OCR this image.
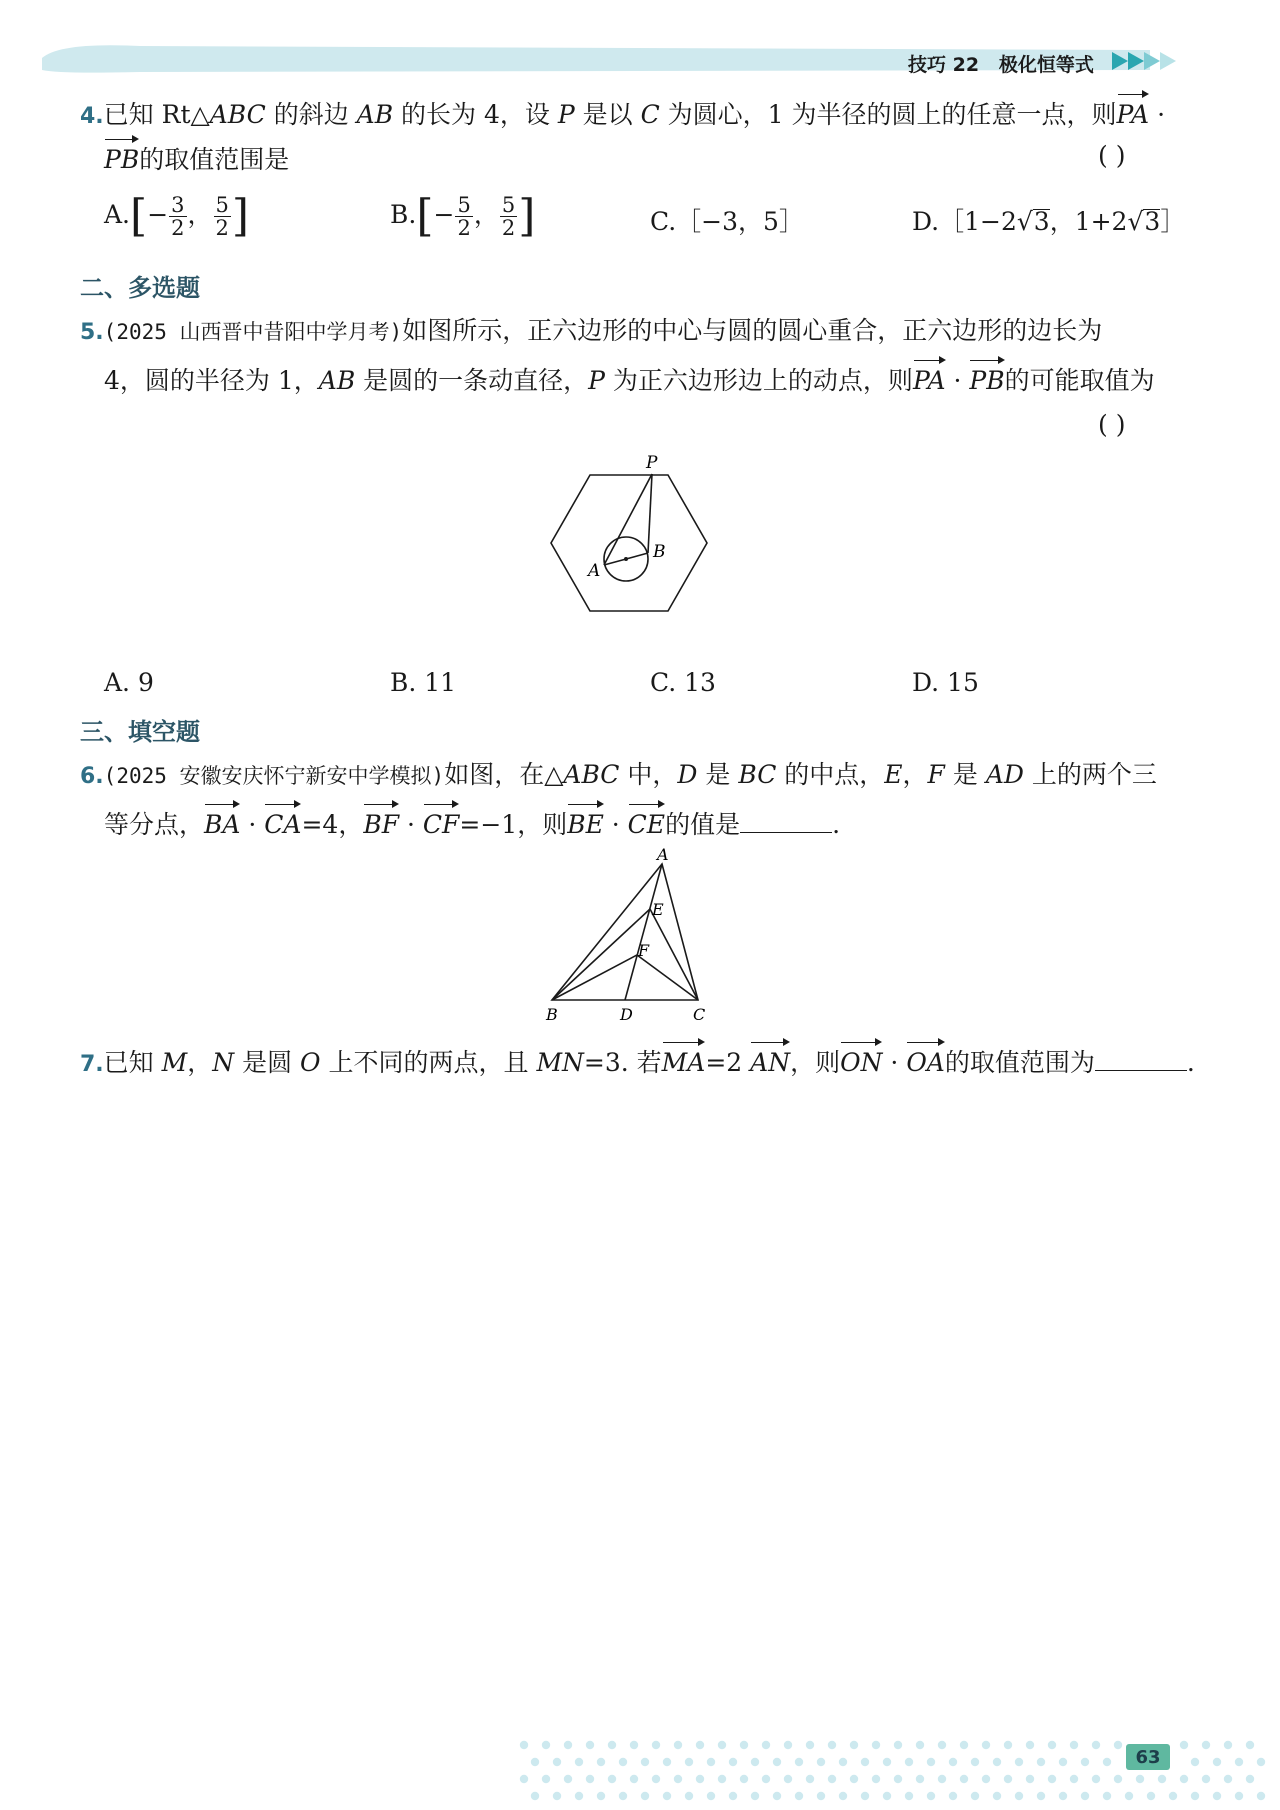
技巧 22 极化恒等式
4.已知 Rt△ABC 的斜边 AB 的长为 4，设 P 是以 C 为圆心，1 为半径的圆上的任意一点，则PA ·
PB的取值范围是	( )
$A.[- \frac{3}{2}$ ， $\frac{5}{2}$ ]	$B.[- \frac{5}{2}$ ， $\frac{5}{2}$ ]	C.［−3，5］	D.［1−2√3，1+2√3］
二、多选题
5.(2025 山西晋中昔阳中学月考)如图所示，正六边形的中心与圆的圆心重合，正六边形的边长为
4，圆的半径为 1，AB 是圆的一条动直径，P 为正六边形边上的动点，则PA · PB的可能取值为
( )
P
A
B
A. 9	B. 11	C. 13	D. 15
三、填空题
6.(2025 安徽安庆怀宁新安中学模拟)如图，在△ABC 中，D 是 BC 的中点，E，F 是 AD 上的两个三
等分点，BA · CA=4，BF · CF=−1，则BE · CE的值是	.
A
E
F
B	D	C
7.已知 M，N 是圆 O 上不同的两点，且 MN=3. 若MA=2 AN，则ON · OA的取值范围为	.
63
